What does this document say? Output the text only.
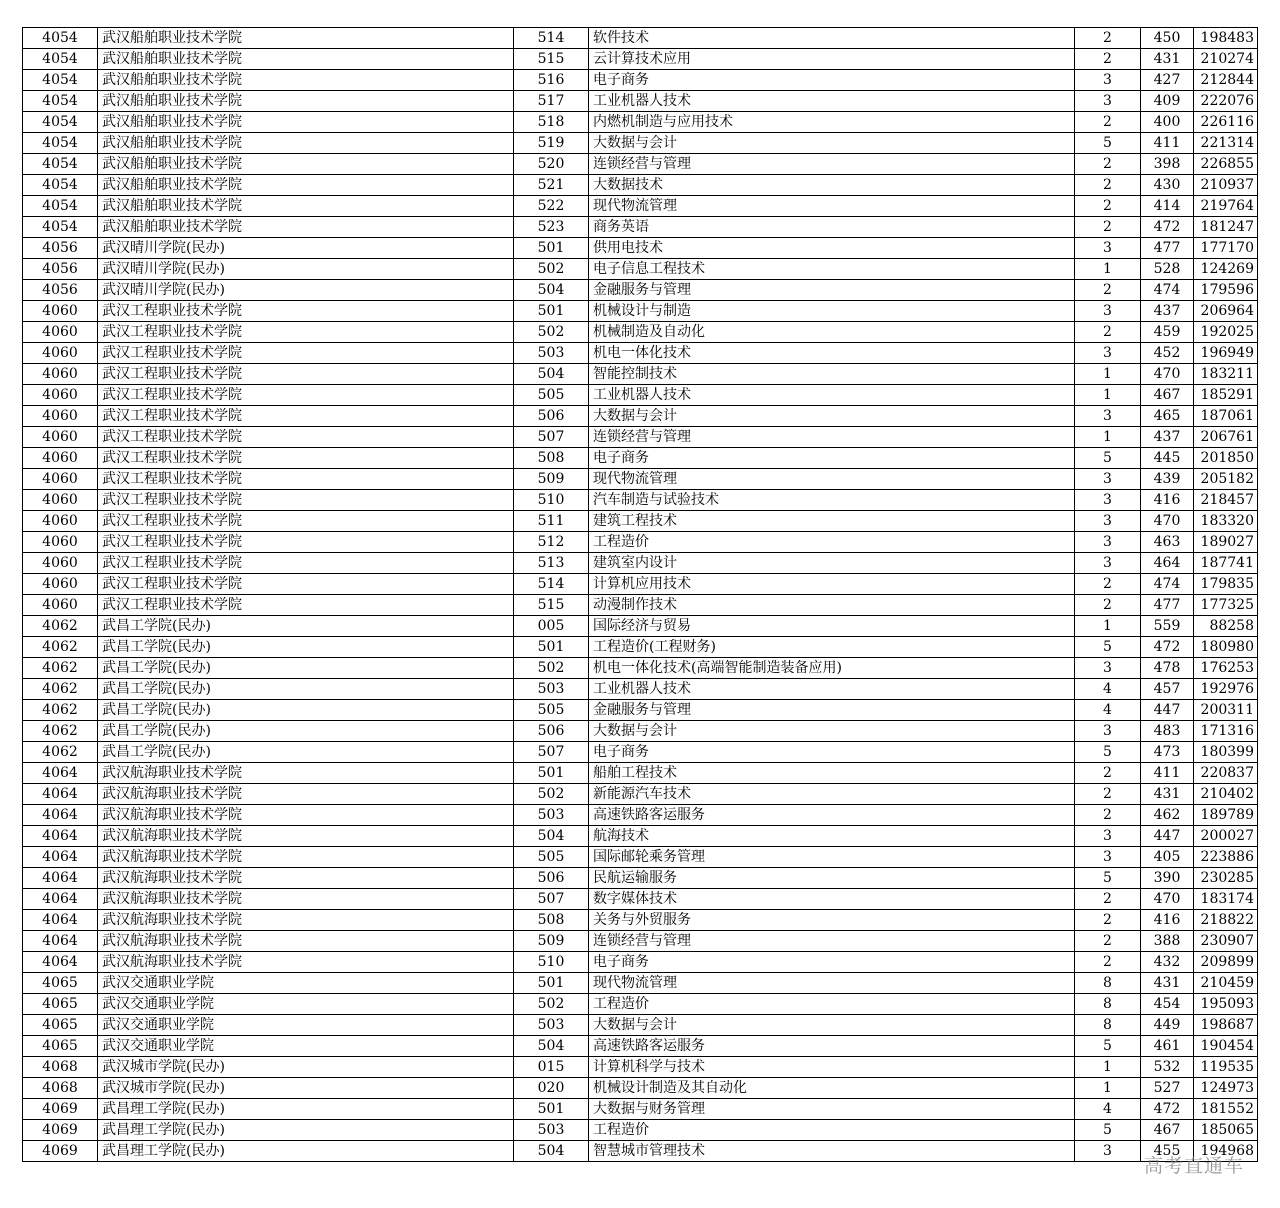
4054	武汉船舶职业技术学院	514	软件技术	2	450	198483
4054	武汉船舶职业技术学院	515	云计算技术应用	2	431	210274
4054	武汉船舶职业技术学院	516	电子商务	3	427	212844
4054	武汉船舶职业技术学院	517	工业机器人技术	3	409	222076
4054	武汉船舶职业技术学院	518	内燃机制造与应用技术	2	400	226116
4054	武汉船舶职业技术学院	519	大数据与会计	5	411	221314
4054	武汉船舶职业技术学院	520	连锁经营与管理	2	398	226855
4054	武汉船舶职业技术学院	521	大数据技术	2	430	210937
4054	武汉船舶职业技术学院	522	现代物流管理	2	414	219764
4054	武汉船舶职业技术学院	523	商务英语	2	472	181247
4056	武汉晴川学院(民办)	501	供用电技术	3	477	177170
4056	武汉晴川学院(民办)	502	电子信息工程技术	1	528	124269
4056	武汉晴川学院(民办)	504	金融服务与管理	2	474	179596
4060	武汉工程职业技术学院	501	机械设计与制造	3	437	206964
4060	武汉工程职业技术学院	502	机械制造及自动化	2	459	192025
4060	武汉工程职业技术学院	503	机电一体化技术	3	452	196949
4060	武汉工程职业技术学院	504	智能控制技术	1	470	183211
4060	武汉工程职业技术学院	505	工业机器人技术	1	467	185291
4060	武汉工程职业技术学院	506	大数据与会计	3	465	187061
4060	武汉工程职业技术学院	507	连锁经营与管理	1	437	206761
4060	武汉工程职业技术学院	508	电子商务	5	445	201850
4060	武汉工程职业技术学院	509	现代物流管理	3	439	205182
4060	武汉工程职业技术学院	510	汽车制造与试验技术	3	416	218457
4060	武汉工程职业技术学院	511	建筑工程技术	3	470	183320
4060	武汉工程职业技术学院	512	工程造价	3	463	189027
4060	武汉工程职业技术学院	513	建筑室内设计	3	464	187741
4060	武汉工程职业技术学院	514	计算机应用技术	2	474	179835
4060	武汉工程职业技术学院	515	动漫制作技术	2	477	177325
4062	武昌工学院(民办)	005	国际经济与贸易	1	559	88258
4062	武昌工学院(民办)	501	工程造价(工程财务)	5	472	180980
4062	武昌工学院(民办)	502	机电一体化技术(高端智能制造装备应用)	3	478	176253
4062	武昌工学院(民办)	503	工业机器人技术	4	457	192976
4062	武昌工学院(民办)	505	金融服务与管理	4	447	200311
4062	武昌工学院(民办)	506	大数据与会计	3	483	171316
4062	武昌工学院(民办)	507	电子商务	5	473	180399
4064	武汉航海职业技术学院	501	船舶工程技术	2	411	220837
4064	武汉航海职业技术学院	502	新能源汽车技术	2	431	210402
4064	武汉航海职业技术学院	503	高速铁路客运服务	2	462	189789
4064	武汉航海职业技术学院	504	航海技术	3	447	200027
4064	武汉航海职业技术学院	505	国际邮轮乘务管理	3	405	223886
4064	武汉航海职业技术学院	506	民航运输服务	5	390	230285
4064	武汉航海职业技术学院	507	数字媒体技术	2	470	183174
4064	武汉航海职业技术学院	508	关务与外贸服务	2	416	218822
4064	武汉航海职业技术学院	509	连锁经营与管理	2	388	230907
4064	武汉航海职业技术学院	510	电子商务	2	432	209899
4065	武汉交通职业学院	501	现代物流管理	8	431	210459
4065	武汉交通职业学院	502	工程造价	8	454	195093
4065	武汉交通职业学院	503	大数据与会计	8	449	198687
4065	武汉交通职业学院	504	高速铁路客运服务	5	461	190454
4068	武汉城市学院(民办)	015	计算机科学与技术	1	532	119535
4068	武汉城市学院(民办)	020	机械设计制造及其自动化	1	527	124973
4069	武昌理工学院(民办)	501	大数据与财务管理	4	472	181552
4069	武昌理工学院(民办)	503	工程造价	5	467	185065
4069	武昌理工学院(民办)	504	智慧城市管理技术	3	455	194968
高考直通车
